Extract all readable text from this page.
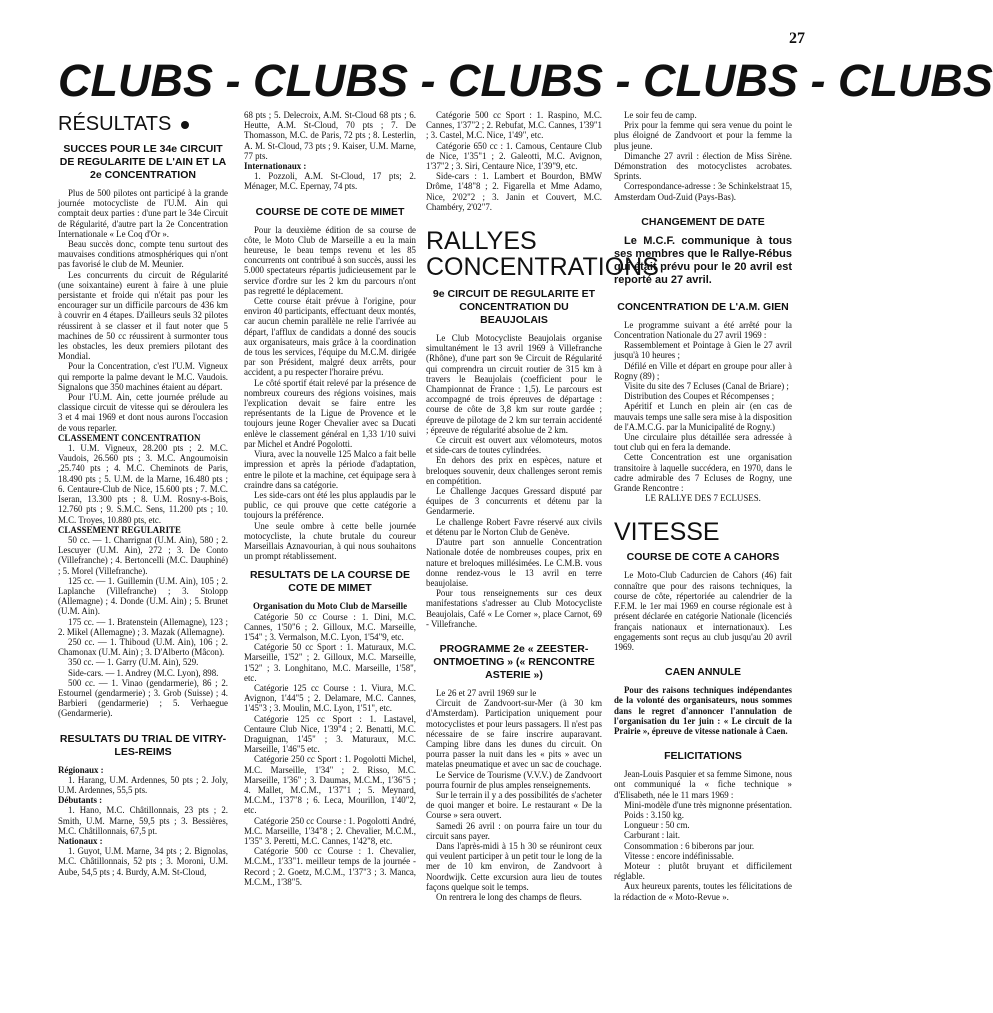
27
CLUBS - CLUBS - CLUBS - CLUBS - CLUBS
RÉSULTATS
SUCCES POUR LE 34e CIRCUIT DE REGULARITE DE L'AIN ET LA 2e CONCENTRATION

Plus de 500 pilotes ont participé à la grande journée motocycliste de l'U.M. Ain qui comptait deux parties : d'une part le 34e Circuit de Régularité, d'autre part la 2e Concentration Internationale « Le Coq d'Or ».

Beau succès donc, compte tenu surtout des mauvaises conditions atmosphériques qui n'ont pas favorisé le club de M. Meunier.

Les concurrents du circuit de Régularité (une soixantaine) eurent à faire à une pluie persistante et froide qui n'était pas pour les encourager sur un difficile parcours de 436 km à couvrir en 4 étapes. D'ailleurs seuls 32 pilotes réussirent à se classer et il faut noter que 5 machines de 50 cc réussirent à surmonter tous les obstacles, les deux premiers pilotant des Mondial.

Pour la Concentration, c'est l'U.M. Vigneux qui remporte la palme devant le M.C. Vaudois. Signalons que 350 machines étaient au départ.

Pour l'U.M. Ain, cette journée prélude au classique circuit de vitesse qui se déroulera les 3 et 4 mai 1969 et dont nous aurons l'occasion de vous reparler.

CLASSEMENT CONCENTRATION

1. U.M. Vigneux, 28.200 pts ; 2. M.C. Vaudois, 26.560 pts ; 3. M.C. Angoumoisin ,25.740 pts ; 4. M.C. Cheminots de Paris, 18.490 pts ; 5. U.M. de la Marne, 16.480 pts ; 6. Centaure-Club de Nice, 15.600 pts ; 7. M.C. Iseran, 13.300 pts ; 8. U.M. Rosny-s-Bois, 12.760 pts ; 9. S.M.C. Sens, 11.200 pts ; 10. M.C. Troyes, 10.880 pts, etc.

CLASSEMENT REGULARITE

50 cc. — 1. Charrignat (U.M. Ain), 580 ; 2. Lescuyer (U.M. Ain), 272 ; 3. De Conto (Villefranche) ; 4. Bertoncelli (M.C. Dauphiné) ; 5. Morel (Villefranche).

125 cc. — 1. Guillemin (U.M. Ain), 105 ; 2. Laplanche (Villefranche) ; 3. Stolopp (Allemagne) ; 4. Donde (U.M. Ain) ; 5. Brunet (U.M. Ain).

175 cc. — 1. Bratenstein (Allemagne), 123 ; 2. Mikel (Allemagne) ; 3. Mazak (Allemagne).

250 cc. — 1. Thiboud (U.M. Ain), 106 ; 2. Chamonax (U.M. Ain) ; 3. D'Alberto (Mâcon).

350 cc. — 1. Garry (U.M. Ain), 529.

Side-cars. — 1. Andrey (M.C. Lyon), 898.

500 cc. — 1. Vinao (gendarmerie), 86 ; 2. Estournel (gendarmerie) ; 3. Grob (Suisse) ; 4. Barbieri (gendarmerie) ; 5. Verhaegue (Gendarmerie).

RESULTATS DU TRIAL DE VITRY-LES-REIMS

Régionaux :

1. Harang, U.M. Ardennes, 50 pts ; 2. Joly, U.M. Ardennes, 55,5 pts.

Débutants :

1. Hano, M.C. Châtillonnais, 23 pts ; 2. Smith, U.M. Marne, 59,5 pts ; 3. Bessières, M.C. Châtillonnais, 67,5 pt.

Nationaux :

1. Guyot, U.M. Marne, 34 pts ; 2. Bignolas, M.C. Châtillonnais, 52 pts ; 3. Moroni, U.M. Aube, 54,5 pts ; 4. Burdy, A.M. St-Cloud,

68 pts ; 5. Delecroix, A.M. St-Cloud 68 pts ; 6. Heutte, A.M. St-Cloud, 70 pts ; 7. De Thomasson, M.C. de Paris, 72 pts ; 8. Lesterlin, A. M. St-Cloud, 73 pts ; 9. Kaiser, U.M. Marne, 77 pts.

Internationaux :

1. Pozzoli, A.M. St-Cloud, 17 pts; 2. Ménager, M.C. Epernay, 74 pts.

COURSE DE COTE DE MIMET

Pour la deuxième édition de sa course de côte, le Moto Club de Marseille a eu la main heureuse, le beau temps revenu et les 85 concurrents ont contribué à son succès, aussi les 5.000 spectateurs répartis judicieusement par le service d'ordre sur les 2 km du parcours n'ont pas regretté le déplacement.

Cette course était prévue à l'origine, pour environ 40 participants, effectuant deux montés, car aucun chemin parallèle ne relie l'arrivée au départ, l'afflux de candidats a donné des soucis aux organisateurs, mais grâce à la coordination de tous les services, l'équipe du M.C.M. dirigée par son Président, malgré deux arrêts, pour accident, a pu respecter l'horaire prévu.

Le côté sportif était relevé par la présence de nombreux coureurs des régions voisines, mais l'explication devait se faire entre les représentants de la Ligue de Provence et le toujours jeune Roger Chevalier avec sa Ducati enlève le classement général en 1,33 1/10 suivi par Michel et André Pogolotti.

Viura, avec la nouvelle 125 Malco a fait belle impression et après la période d'adaptation, entre le pilote et la machine, cet équipage sera à craindre dans sa catégorie.

Les side-cars ont été les plus applaudis par le public, ce qui prouve que cette catégorie a toujours la préférence.

Une seule ombre à cette belle journée motocycliste, la chute brutale du coureur Marseillais Aznavourian, à qui nous souhaitons un prompt rétablissement.

RESULTATS DE LA COURSE DE COTE DE MIMET

Organisation du Moto Club de Marseille

Catégorie 50 cc Course : 1. Dini, M.C. Cannes, 1'50"6 ; 2. Gilloux, M.C. Marseille, 1'54" ; 3. Vermalson, M.C. Lyon, 1'54"9, etc.

Catégorie 50 cc Sport : 1. Maturaux, M.C. Marseille, 1'52" ; 2. Gilloux, M.C. Marseille, 1'52" ; 3. Longhitano, M.C. Marseille, 1'58", etc.

Catégorie 125 cc Course : 1. Viura, M.C. Avignon, 1'44"5 ; 2. Delamare, M.C. Cannes, 1'45"3 ; 3. Moulin, M.C. Lyon, 1'51", etc.

Catégorie 125 cc Sport : 1. Lastavel, Centaure Club Nice, 1'39"4 ; 2. Benatti, M.C. Draguignan, 1'45" ; 3. Maturaux, M.C. Marseille, 1'46"5 etc.

Catégorie 250 cc Sport : 1. Pogolotti Michel, M.C. Marseille, 1'34" ; 2. Risso, M.C. Marseille, 1'36" ; 3. Daumas, M.C.M., 1'36"5 ; 4. Mallet, M.C.M., 1'37"1 ; 5. Meynard, M.C.M., 1'37"8 ; 6. Leca, Mourillon, 1'40"2, etc.

Catégorie 250 cc Course : 1. Pogolotti André, M.C. Marseille, 1'34"8 ; 2. Chevalier, M.C.M., 1'35" 3. Peretti, M.C. Cannes, 1'42"8, etc.

Catégorie 500 cc Course : 1. Chevalier, M.C.M., 1'33"1. meilleur temps de la journée - Record ; 2. Goetz, M.C.M., 1'37"3 ; 3. Manca, M.C.M., 1'38"5.

Catégorie 500 cc Sport : 1. Raspino, M.C. Cannes, 1'37"2 ; 2. Rebufat, M.C. Cannes, 1'39"1 ; 3. Castel, M.C. Nice, 1'49", etc.

Catégorie 650 cc : 1. Camous, Centaure Club de Nice, 1'35"1 ; 2. Galeotti, M.C. Avignon, 1'37"2 ; 3. Siri, Centaure Nice, 1'39"9, etc.

Side-cars : 1. Lambert et Bourdon, BMW Drôme, 1'48"8 ; 2. Figarella et Mme Adamo, Nice, 2'02"2 ; 3. Janin et Couvert, M.C. Chambéry, 2'02"7.

RALLYES CONCENTRATIONS
9e CIRCUIT DE REGULARITE ET CONCENTRATION DU BEAUJOLAIS

Le Club Motocycliste Beaujolais organise simultanément le 13 avril 1969 à Villefranche (Rhône), d'une part son 9e Circuit de Régularité qui comprendra un circuit routier de 315 km à travers le Beaujolais (coefficient pour le Championnat de France : 1,5). Le parcours est accompagné de trois épreuves de départage : course de côte de 3,8 km sur route gardée ; épreuve de pilotage de 2 km sur terrain accidenté ; épreuve de régularité absolue de 2 km.

Ce circuit est ouvert aux vélomoteurs, motos et side-cars de toutes cylindrées.

En dehors des prix en espèces, nature et breloques souvenir, deux challenges seront remis en compétition.

Le Challenge Jacques Gressard disputé par équipes de 3 concurrents et détenu par la Gendarmerie.

Le challenge Robert Favre réservé aux civils et détenu par le Norton Club de Genève.

D'autre part son annuelle Concentration Nationale dotée de nombreuses coupes, prix en nature et breloques millésimées. Le C.M.B. vous donne rendez-vous le 13 avril en terre beaujolaise.

Pour tous renseignements sur ces deux manifestations s'adresser au Club Motocycliste Beaujolais, Café « Le Corner », place Carnot, 69 - Villefranche.

PROGRAMME 2e « ZEESTER-ONTMOETING » (« RENCONTRE ASTERIE »)

Le 26 et 27 avril 1969 sur le

Circuit de Zandvoort-sur-Mer (à 30 km d'Amsterdam). Participation uniquement pour motocyclistes et pour leurs passagers. Il n'est pas nécessaire de se faire inscrire auparavant. Camping libre dans les dunes du circuit. On pourra passer la nuit dans les « pits » avec un matelas pneumatique et avec un sac de couchage.

Le Service de Tourisme (V.V.V.) de Zandvoort pourra fournir de plus amples renseignements.

Sur le terrain il y a des possibilités de s'acheter de quoi manger et boire. Le restaurant « De la Course » sera ouvert.

Samedi 26 avril : on pourra faire un tour du circuit sans payer.

Dans l'après-midi à 15 h 30 se réuniront ceux qui veulent participer à un petit tour le long de la mer de 10 km environ, de Zandvoort à Noordwijk. Cette excursion aura lieu de toutes façons quelque soit le temps.

On rentrera le long des champs de fleurs.

Le soir feu de camp.

Prix pour la femme qui sera venue du point le plus éloigné de Zandvoort et pour la femme la plus jeune.

Dimanche 27 avril : élection de Miss Sirène. Démonstration des motocyclistes acrobates. Sprints.

Correspondance-adresse : 3e Schinkelstraat 15, Amsterdam Oud-Zuid (Pays-Bas).

CHANGEMENT DE DATE

Le M.C.F. communique à tous ses membres que le Rallye-Rébus qui était prévu pour le 20 avril est reporté au 27 avril.

CONCENTRATION DE L'A.M. GIEN

Le programme suivant a été arrêté pour la Concentration Nationale du 27 avril 1969 :

Rassemblement et Pointage à Gien le 27 avril jusqu'à 10 heures ;

Défilé en Ville et départ en groupe pour aller à Rogny (89) ;

Visite du site des 7 Ecluses (Canal de Briare) ;

Distribution des Coupes et Récompenses ;

Apéritif et Lunch en plein air (en cas de mauvais temps une salle sera mise à la disposition de l'A.M.C.G. par la Municipalité de Rogny.)

Une circulaire plus détaillée sera adressée à tout club qui en fera la demande.

Cette Concentration est une organisation transitoire à laquelle succédera, en 1970, dans le cadre admirable des 7 Ecluses de Rogny, une Grande Rencontre :

LE RALLYE DES 7 ECLUSES.

VITESSE
COURSE DE COTE A CAHORS

Le Moto-Club Cadurcien de Cahors (46) fait connaître que pour des raisons techniques, la course de côte, répertoriée au calendrier de la F.F.M. le 1er mai 1969 en course régionale est à présent déclarée en catégorie Nationale (licenciés français nationaux et internationaux). Les engagements sont reçus au club jusqu'au 20 avril 1969.

CAEN ANNULE

Pour des raisons techniques indépendantes de la volonté des organisateurs, nous sommes dans le regret d'annoncer l'annulation de l'organisation du 1er juin : « Le circuit de la Prairie », épreuve de vitesse nationale à Caen.

FELICITATIONS

Jean-Louis Pasquier et sa femme Simone, nous ont communiqué la « fiche technique » d'Elisabeth, née le 11 mars 1969 :

Mini-modèle d'une très mignonne présentation.

Poids : 3.150 kg.

Longueur : 50 cm.

Carburant : lait.

Consommation : 6 biberons par jour.

Vitesse : encore indéfinissable.

Moteur : plutôt bruyant et difficilement réglable.

Aux heureux parents, toutes les félicitations de la rédaction de « Moto-Revue ».
